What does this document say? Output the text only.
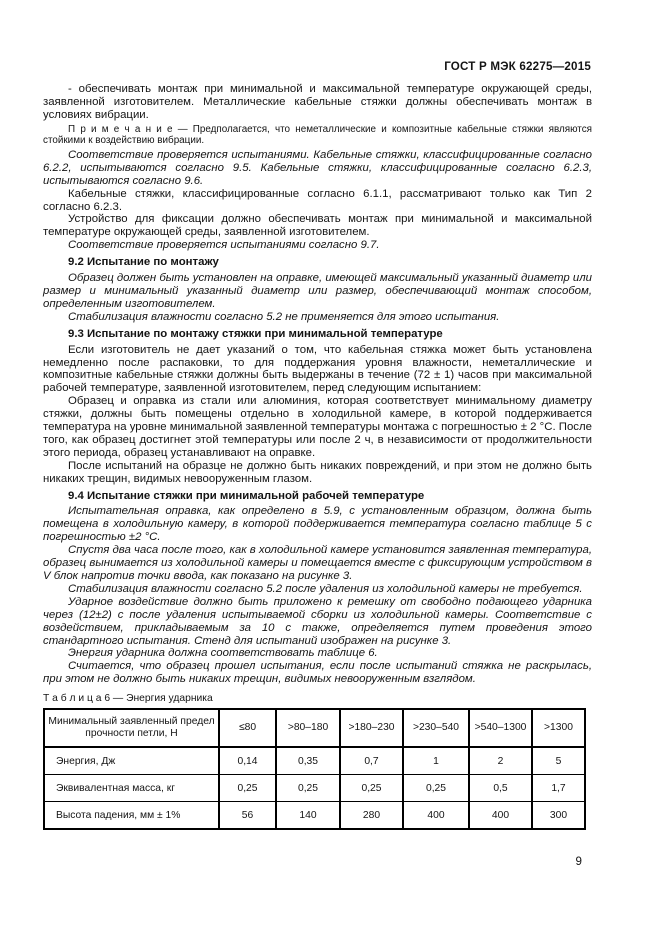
ГОСТ Р МЭК 62275—2015

- обеспечивать монтаж при минимальной и максимальной температуре окружающей среды, заявленной изготовителем. Металлические кабельные стяжки должны обеспечивать монтаж в условиях вибрации.

П р и м е ч а н и е — Предполагается, что неметаллические и композитные кабельные стяжки являются стойкими к воздействию вибрации.

Соответствие проверяется испытаниями. Кабельные стяжки, классифицированные согласно 6.2.2, испытываются согласно 9.5. Кабельные стяжки, классифицированные согласно 6.2.3, испытываются согласно 9.6.

Кабельные стяжки, классифицированные согласно 6.1.1, рассматривают только как Тип 2 согласно 6.2.3.

Устройство для фиксации должно обеспечивать монтаж при минимальной и максимальной температуре окружающей среды, заявленной изготовителем.

Соответствие проверяется испытаниями согласно 9.7.

9.2 Испытание по монтажу

Образец должен быть установлен на оправке, имеющей максимальный указанный диаметр или размер и минимальный указанный диаметр или размер, обеспечивающий монтаж способом, определенным изготовителем.

Стабилизация влажности согласно 5.2 не применяется для этого испытания.

9.3 Испытание по монтажу стяжки при минимальной температуре

Если изготовитель не дает указаний о том, что кабельная стяжка может быть установлена немедленно после распаковки, то для поддержания уровня влажности, неметаллические и композитные кабельные стяжки должны быть выдержаны в течение (72 ± 1) часов при максимальной рабочей температуре, заявленной изготовителем, перед следующим испытанием:

Образец и оправка из стали или алюминия, которая соответствует минимальному диаметру стяжки, должны быть помещены отдельно в холодильной камере, в которой поддерживается температура на уровне минимальной заявленной температуры монтажа с погрешностью ± 2 °С. После того, как образец достигнет этой температуры или после 2 ч, в независимости от продолжительности этого периода, образец устанавливают на оправке.

После испытаний на образце не должно быть никаких повреждений, и при этом не должно быть никаких трещин, видимых невооруженным глазом.

9.4 Испытание стяжки при минимальной рабочей температуре

Испытательная оправка, как определено в 5.9, с установленным образцом, должна быть помещена в холодильную камеру, в которой поддерживается температура согласно таблице 5 с погрешностью ±2 °С.

Спустя два часа после того, как в холодильной камере установится заявленная температура, образец вынимается из холодильной камеры и помещается вместе с фиксирующим устройством в V блок напротив точки ввода, как показано на рисунке 3.

Стабилизация влажности согласно 5.2 после удаления из холодильной камеры не требуется.

Ударное воздействие должно быть приложено к ремешку от свободно подающего ударника через (12±2) с после удаления испытываемой сборки из холодильной камеры. Соответствие с воздействием, прикладываемым за 10 с также, определяется путем проведения этого стандартного испытания. Стенд для испытаний изображен на рисунке 3.

Энергия ударника должна соответствовать таблице 6.

Считается, что образец прошел испытания, если после испытаний стяжка не раскрылась, при этом не должно быть никаких трещин, видимых невооруженным взглядом.

Т а б л и ц а 6 — Энергия ударника

Минимальный заявленный предел прочности петли, Н	≤80	>80–180	>180–230	>230–540	>540–1300	>1300
Энергия, Дж	0,14	0,35	0,7	1	2	5
Эквивалентная масса, кг	0,25	0,25	0,25	0,25	0,5	1,7
Высота падения, мм ± 1%	56	140	280	400	400	300
9
